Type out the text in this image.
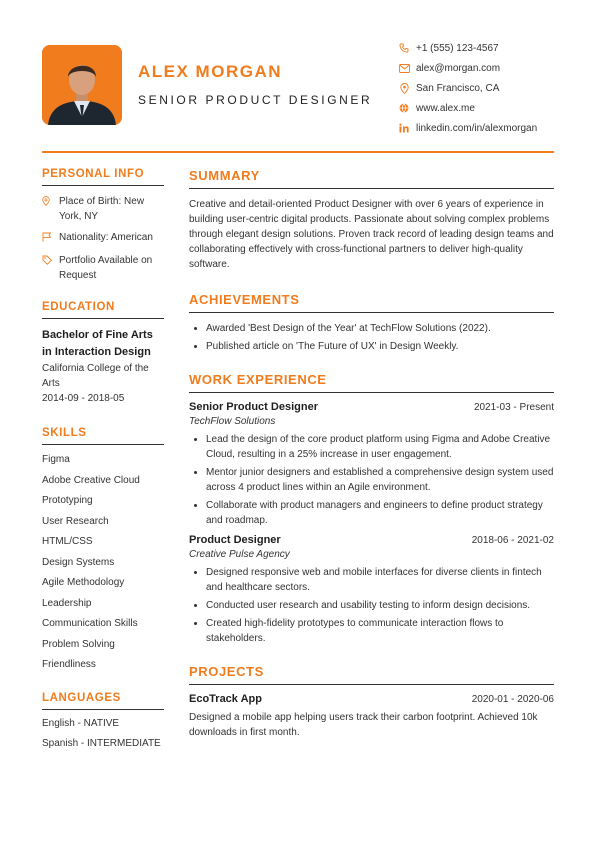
ALEX MORGAN
SENIOR PRODUCT DESIGNER
+1 (555) 123-4567
alex@morgan.com
San Francisco, CA
www.alex.me
linkedin.com/in/alexmorgan
PERSONAL INFO
Place of Birth: New York, NY
Nationality: American
Portfolio Available on Request
EDUCATION
Bachelor of Fine Arts in Interaction Design
California College of the Arts
2014-09 - 2018-05
SKILLS
Figma
Adobe Creative Cloud
Prototyping
User Research
HTML/CSS
Design Systems
Agile Methodology
Leadership
Communication Skills
Problem Solving
Friendliness
LANGUAGES
English - NATIVE
Spanish - INTERMEDIATE
SUMMARY
Creative and detail-oriented Product Designer with over 6 years of experience in building user-centric digital products. Passionate about solving complex problems through elegant design solutions. Proven track record of leading design teams and collaborating effectively with cross-functional partners to deliver high-quality software.
ACHIEVEMENTS
• Awarded 'Best Design of the Year' at TechFlow Solutions (2022).
• Published article on 'The Future of UX' in Design Weekly.
WORK EXPERIENCE
Senior Product Designer	2021-03 - Present
TechFlow Solutions
• Lead the design of the core product platform using Figma and Adobe Creative Cloud, resulting in a 25% increase in user engagement.
• Mentor junior designers and established a comprehensive design system used across 4 product lines within an Agile environment.
• Collaborate with product managers and engineers to define product strategy and roadmap.
Product Designer	2018-06 - 2021-02
Creative Pulse Agency
• Designed responsive web and mobile interfaces for diverse clients in fintech and healthcare sectors.
• Conducted user research and usability testing to inform design decisions.
• Created high-fidelity prototypes to communicate interaction flows to stakeholders.
PROJECTS
EcoTrack App	2020-01 - 2020-06
Designed a mobile app helping users track their carbon footprint. Achieved 10k downloads in first month.
